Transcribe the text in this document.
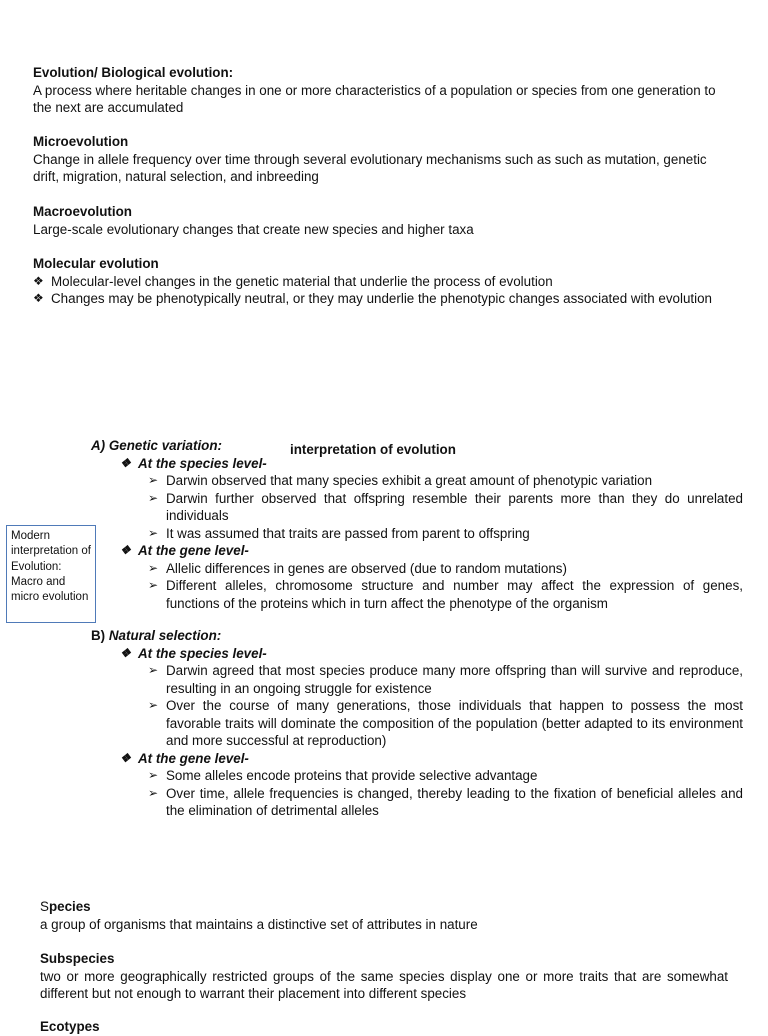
Evolution/ Biological evolution:

A process where heritable changes in one or more characteristics of a population or species from one generation to the next are accumulated

Microevolution

Change in allele frequency over time through several evolutionary mechanisms such as such as mutation, genetic drift, migration, natural selection, and inbreeding

Macroevolution

Large-scale evolutionary changes that create new species and higher taxa

Molecular evolution
❖ Molecular-level changes in the genetic material that underlie the process of evolution
❖ Changes may be phenotypically neutral, or they may underlie the phenotypic changes associated with evolution
interpretation of evolution
Modern interpretation of Evolution: Macro and micro evolution
A) Genetic variation:
❖ At the species level-
➢ Darwin observed that many species exhibit a great amount of phenotypic variation
➢ Darwin further observed that offspring resemble their parents more than they do unrelated individuals
➢ It was assumed that traits are passed from parent to offspring
❖ At the gene level-
➢ Allelic differences in genes are observed (due to random mutations)
➢ Different alleles, chromosome structure and number may affect the expression of genes, functions of the proteins which in turn affect the phenotype of the organism
B) Natural selection:
❖ At the species level-
➢ Darwin agreed that most species produce many more offspring than will survive and reproduce, resulting in an ongoing struggle for existence
➢ Over the course of many generations, those individuals that happen to possess the most favorable traits will dominate the composition of the population (better adapted to its environment and more successful at reproduction)
❖ At the gene level-
➢ Some alleles encode proteins that provide selective advantage
➢ Over time, allele frequencies is changed, thereby leading to the fixation of beneficial alleles and the elimination of detrimental alleles
Species

a group of organisms that maintains a distinctive set of attributes in nature

Subspecies

two or more geographically restricted groups of the same species display one or more traits that are somewhat different but not enough to warrant their placement into different species

Ecotypes
